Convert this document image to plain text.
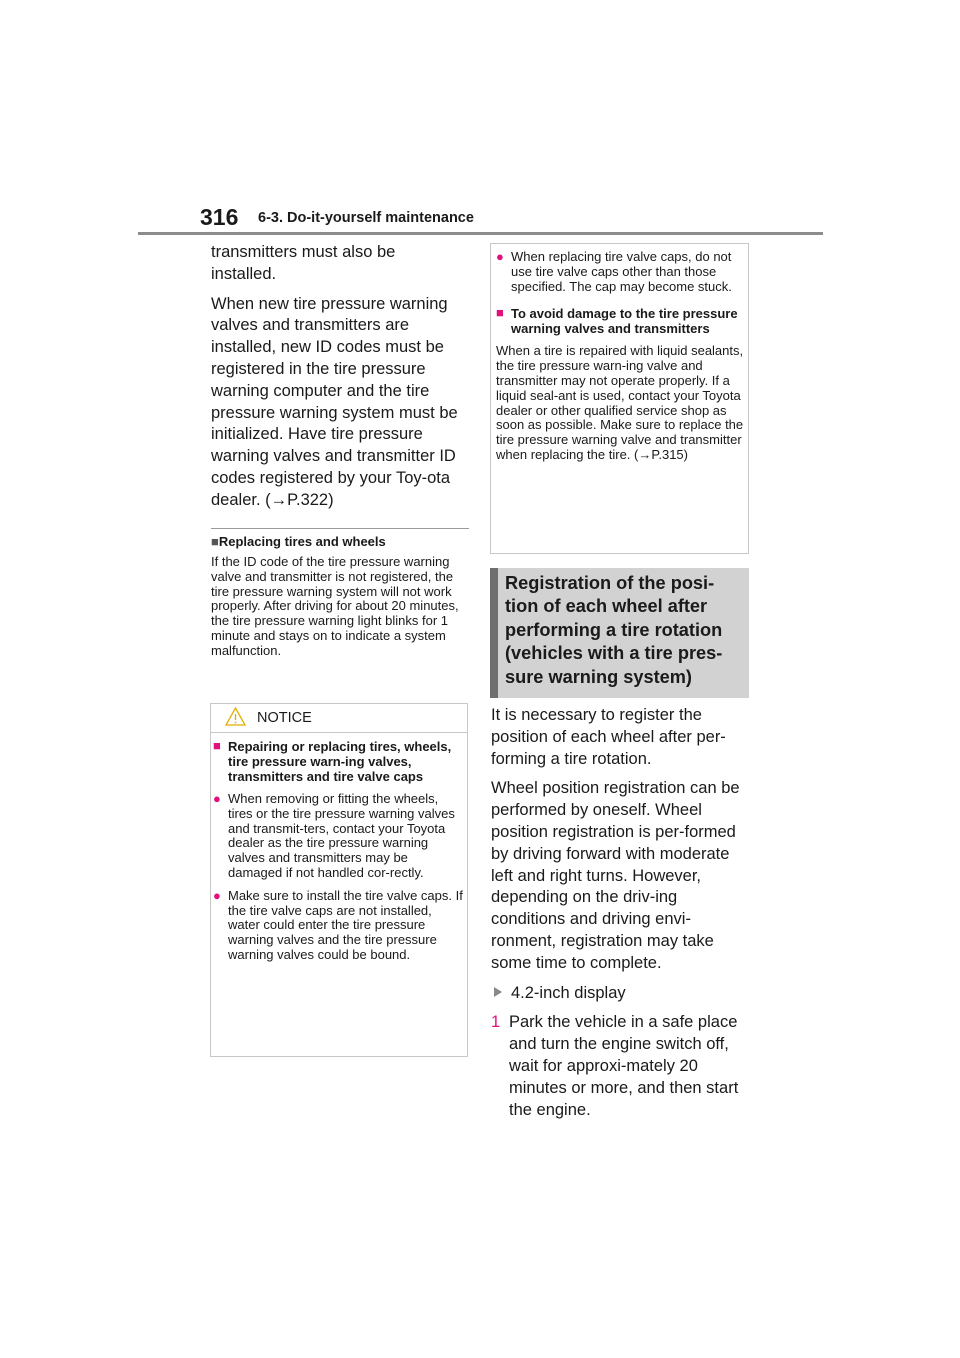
316 6-3. Do-it-yourself maintenance

transmitters must also be installed.

When new tire pressure warning valves and transmitters are installed, new ID codes must be registered in the tire pressure warning computer and the tire pressure warning system must be initialized. Have tire pressure warning valves and transmitter ID codes registered by your Toy-ota dealer. (→P.322)

■Replacing tires and wheels
If the ID code of the tire pressure warning valve and transmitter is not registered, the tire pressure warning system will not work properly. After driving for about 20 minutes, the tire pressure warning light blinks for 1 minute and stays on to indicate a system malfunction.
NOTICE
■ Repairing or replacing tires, wheels, tire pressure warn-ing valves, transmitters and tire valve caps
● When removing or fitting the wheels, tires or the tire pressure warning valves and transmit-ters, contact your Toyota dealer as the tire pressure warning valves and transmitters may be damaged if not handled cor-rectly.
● Make sure to install the tire valve caps. If the tire valve caps are not installed, water could enter the tire pressure warning valves and the tire pressure warning valves could be bound.
● When replacing tire valve caps, do not use tire valve caps other than those specified. The cap may become stuck.
■ To avoid damage to the tire pressure warning valves and transmitters
When a tire is repaired with liquid sealants, the tire pressure warn-ing valve and transmitter may not operate properly. If a liquid seal-ant is used, contact your Toyota dealer or other qualified service shop as soon as possible. Make sure to replace the tire pressure warning valve and transmitter when replacing the tire. (→P.315)
Registration of the posi-tion of each wheel after performing a tire rotation (vehicles with a tire pres-sure warning system)

It is necessary to register the position of each wheel after per-forming a tire rotation.

Wheel position registration can be performed by oneself. Wheel position registration is per-formed by driving forward with moderate left and right turns. However, depending on the driv-ing conditions and driving envi-ronment, registration may take some time to complete.

4.2-inch display

1 Park the vehicle in a safe place and turn the engine switch off, wait for approxi-mately 20 minutes or more, and then start the engine.
